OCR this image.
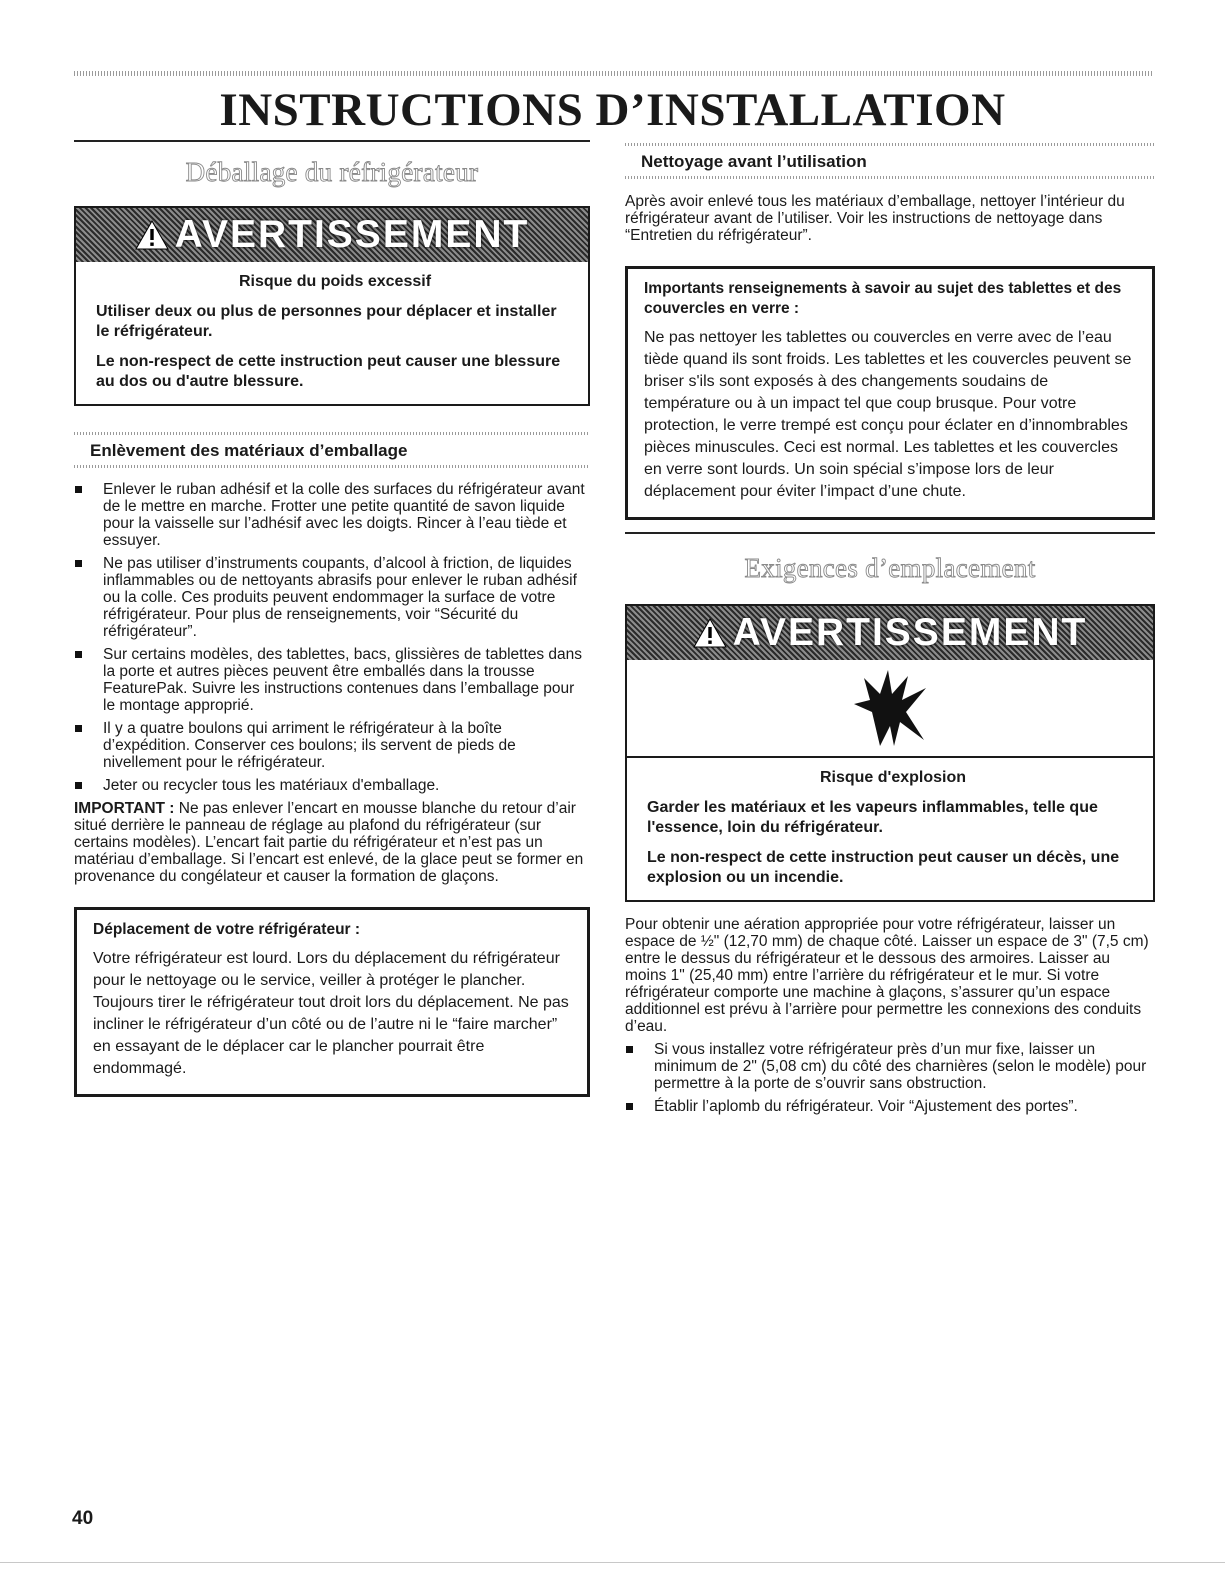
INSTRUCTIONS D’INSTALLATION
Déballage du réfrigérateur
AVERTISSEMENT
Risque du poids excessif

Utiliser deux ou plus de personnes pour déplacer et installer le réfrigérateur.

Le non-respect de cette instruction peut causer une blessure au dos ou d'autre blessure.

Enlèvement des matériaux d’emballage
Enlever le ruban adhésif et la colle des surfaces du réfrigérateur avant de le mettre en marche. Frotter une petite quantité de savon liquide pour la vaisselle sur l’adhésif avec les doigts. Rincer à l’eau tiède et essuyer.
Ne pas utiliser d’instruments coupants, d’alcool à friction, de liquides inflammables ou de nettoyants abrasifs pour enlever le ruban adhésif ou la colle. Ces produits peuvent endommager la surface de votre réfrigérateur. Pour plus de renseignements, voir “Sécurité du réfrigérateur”.
Sur certains modèles, des tablettes, bacs, glissières de tablettes dans la porte et autres pièces peuvent être emballés dans la trousse FeaturePak. Suivre les instructions contenues dans l’emballage pour le montage approprié.
Il y a quatre boulons qui arriment le réfrigérateur à la boîte d’expédition. Conserver ces boulons; ils servent de pieds de nivellement pour le réfrigérateur.
Jeter ou recycler tous les matériaux d'emballage.

IMPORTANT : Ne pas enlever l’encart en mousse blanche du retour d’air situé derrière le panneau de réglage au plafond du réfrigérateur (sur certains modèles). L’encart fait partie du réfrigérateur et n’est pas un matériau d’emballage. Si l’encart est enlevé, de la glace peut se former en provenance du congélateur et causer la formation de glaçons.

Déplacement de votre réfrigérateur :

Votre réfrigérateur est lourd. Lors du déplacement du réfrigérateur pour le nettoyage ou le service, veiller à protéger le plancher. Toujours tirer le réfrigérateur tout droit lors du déplacement. Ne pas incliner le réfrigérateur d’un côté ou de l’autre ni le “faire marcher” en essayant de le déplacer car le plancher pourrait être endommagé.

Nettoyage avant l’utilisation

Après avoir enlevé tous les matériaux d’emballage, nettoyer l’intérieur du réfrigérateur avant de l’utiliser. Voir les instructions de nettoyage dans “Entretien du réfrigérateur”.

Importants renseignements à savoir au sujet des tablettes et des couvercles en verre :

Ne pas nettoyer les tablettes ou couvercles en verre avec de l’eau tiède quand ils sont froids. Les tablettes et les couvercles peuvent se briser s'ils sont exposés à des changements soudains de température ou à un impact tel que coup brusque. Pour votre protection, le verre trempé est conçu pour éclater en d’innombrables pièces minuscules. Ceci est normal. Les tablettes et les couvercles en verre sont lourds. Un soin spécial s’impose lors de leur déplacement pour éviter l’impact d’une chute.

Exigences d’emplacement
AVERTISSEMENT
Risque d'explosion

Garder les matériaux et les vapeurs inflammables, telle que l'essence, loin du réfrigérateur.

Le non-respect de cette instruction peut causer un décès, une explosion ou un incendie.

Pour obtenir une aération appropriée pour votre réfrigérateur, laisser un espace de ½" (12,70 mm) de chaque côté. Laisser un espace de 3" (7,5 cm) entre le dessus du réfrigérateur et le dessous des armoires. Laisser au moins 1" (25,40 mm) entre l’arrière du réfrigérateur et le mur. Si votre réfrigérateur comporte une machine à glaçons, s’assurer qu’un espace additionnel est prévu à l’arrière pour permettre les connexions des conduits d’eau.

Si vous installez votre réfrigérateur près d’un mur fixe, laisser un minimum de 2" (5,08 cm) du côté des charnières (selon le modèle) pour permettre à la porte de s’ouvrir sans obstruction.
Établir l’aplomb du réfrigérateur. Voir “Ajustement des portes”.
40
